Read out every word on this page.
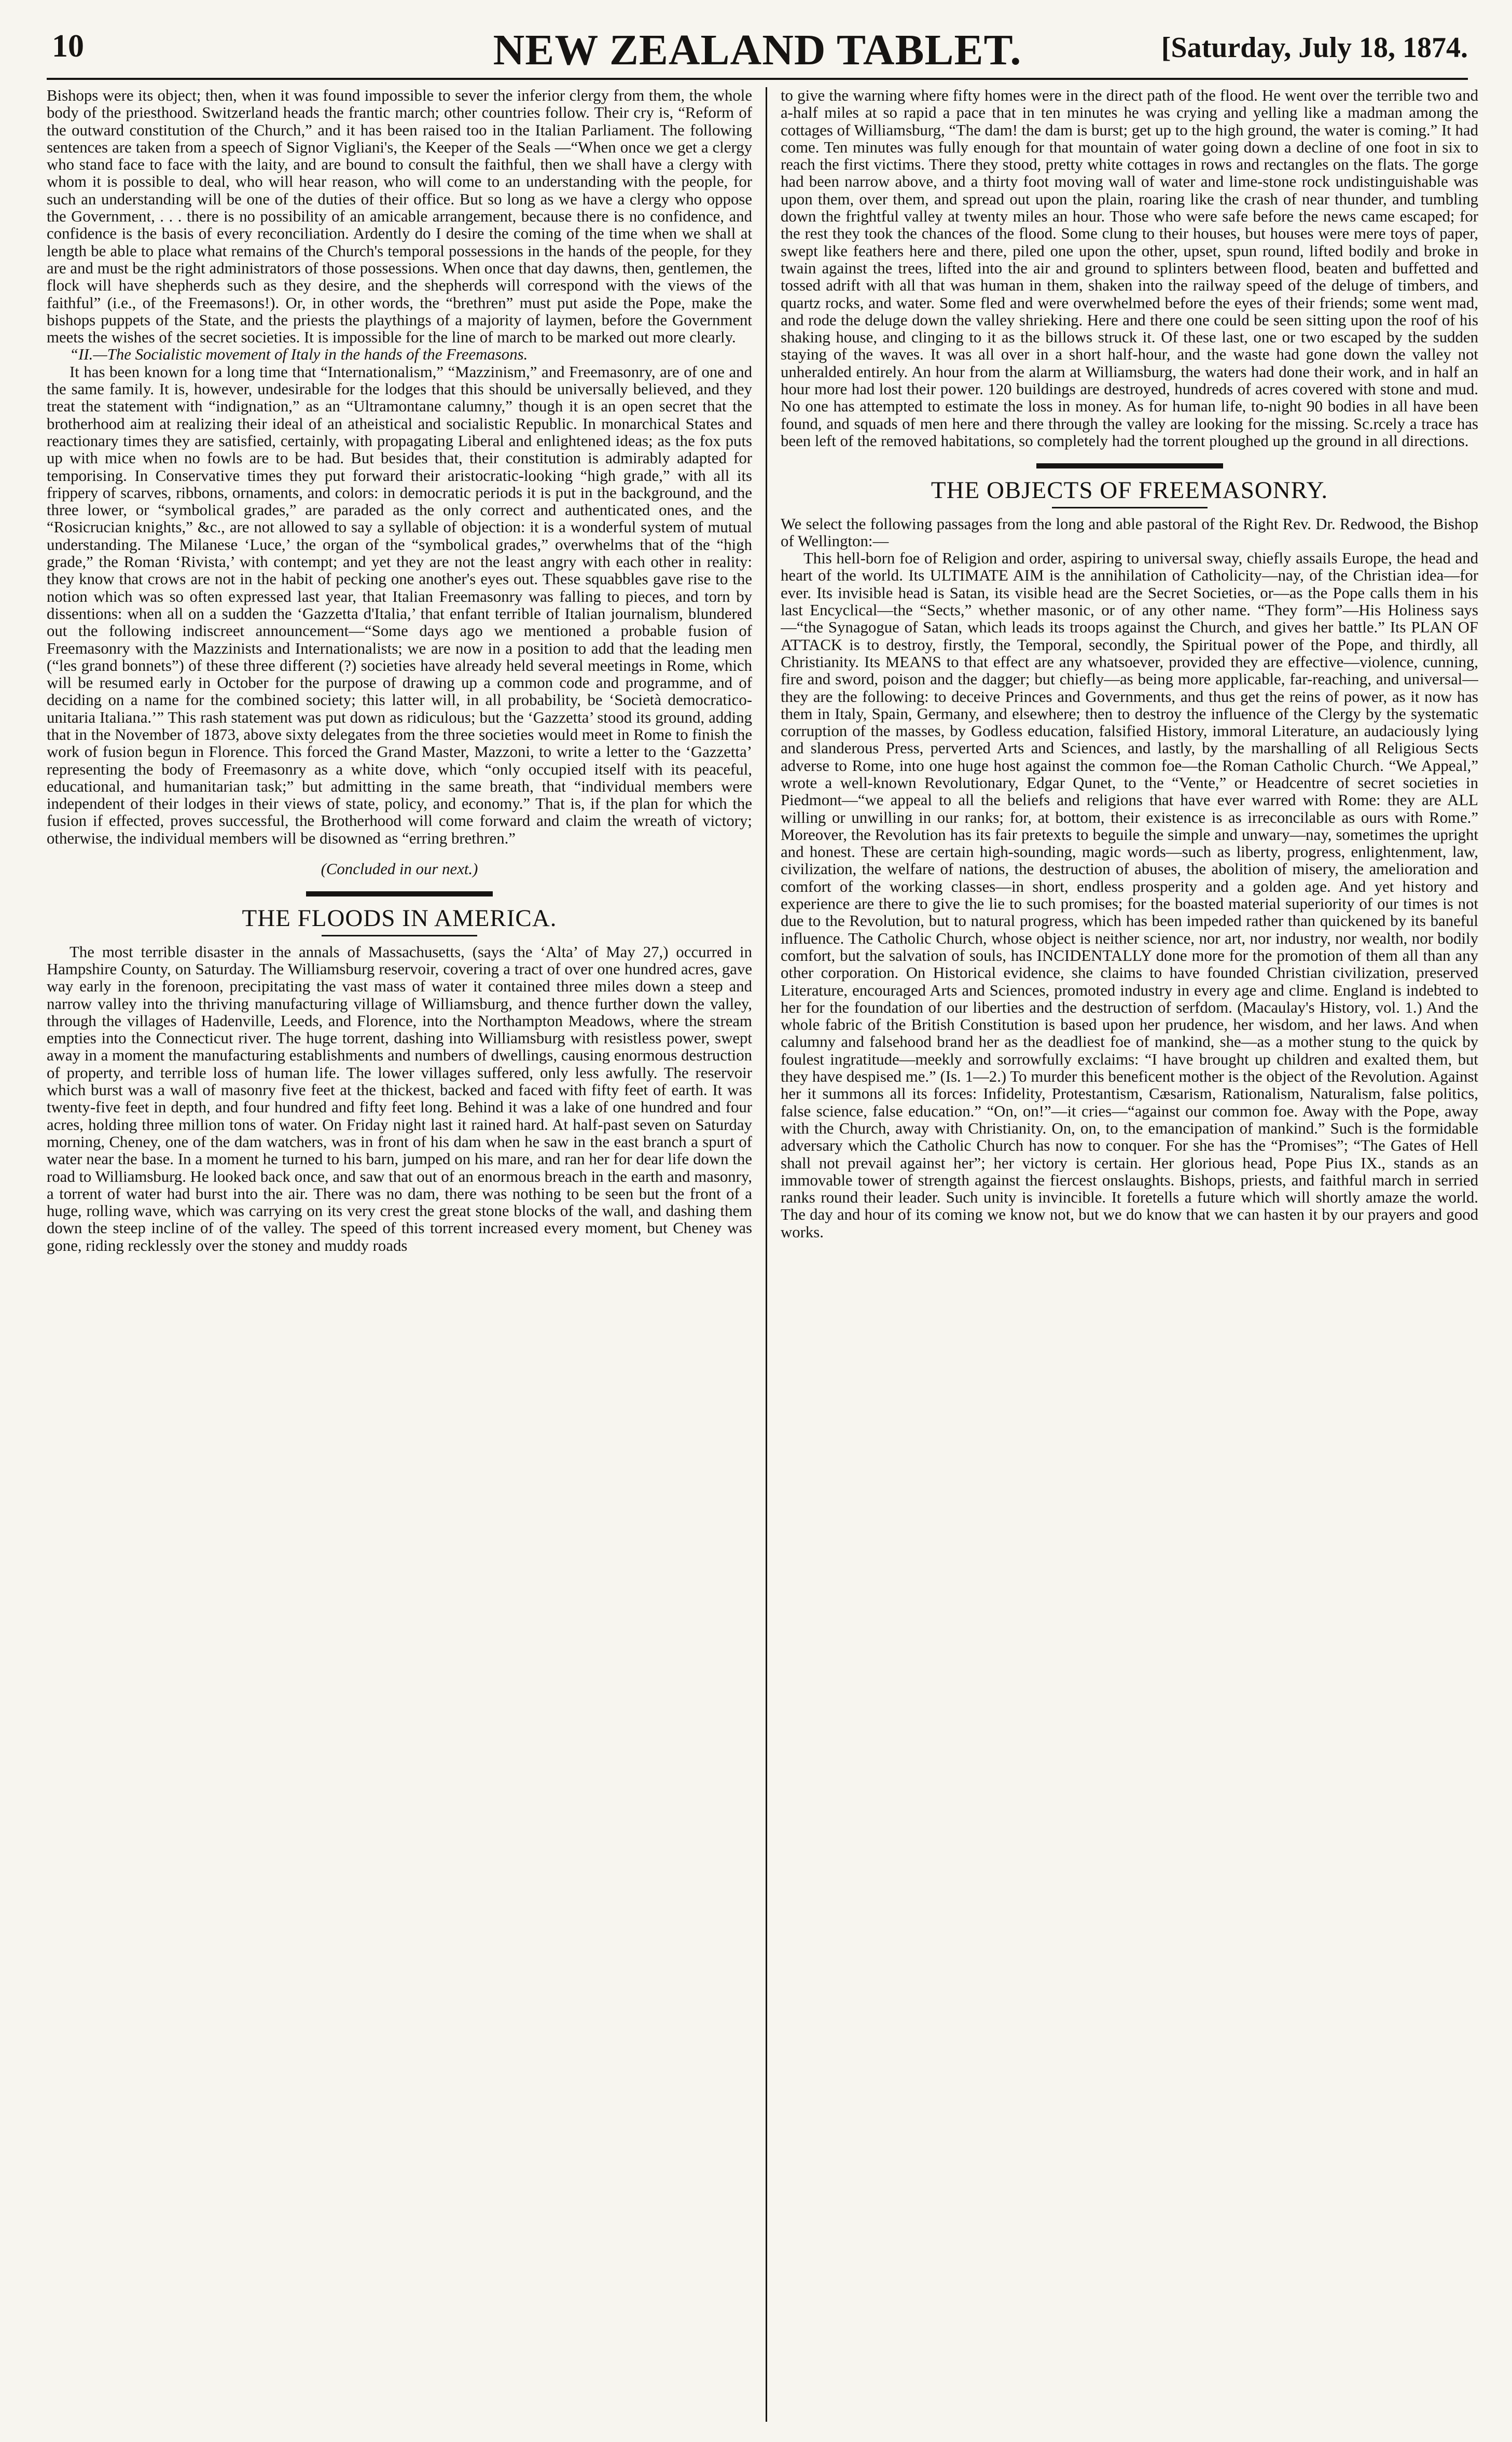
10	NEW ZEALAND TABLET.	[Saturday, July 18, 1874.

Bishops were its object; then, when it was found impossible to sever the inferior clergy from them, the whole body of the priesthood. Switzerland heads the frantic march; other countries follow. Their cry is, “Reform of the outward constitution of the Church,” and it has been raised too in the Italian Parliament. The following sentences are taken from a speech of Signor Vigliani's, the Keeper of the Seals —“When once we get a clergy who stand face to face with the laity, and are bound to consult the faithful, then we shall have a clergy with whom it is possible to deal, who will hear reason, who will come to an understanding with the people, for such an understanding will be one of the duties of their office. But so long as we have a clergy who oppose the Government, . . . there is no possibility of an amicable arrangement, because there is no confidence, and confidence is the basis of every reconciliation. Ardently do I desire the coming of the time when we shall at length be able to place what remains of the Church's temporal possessions in the hands of the people, for they are and must be the right administrators of those possessions. When once that day dawns, then, gentlemen, the flock will have shepherds such as they desire, and the shepherds will correspond with the views of the faithful” (i.e., of the Freemasons!). Or, in other words, the “brethren” must put aside the Pope, make the bishops puppets of the State, and the priests the playthings of a majority of laymen, before the Government meets the wishes of the secret societies. It is impossible for the line of march to be marked out more clearly.

“II.—The Socialistic movement of Italy in the hands of the Freemasons.

It has been known for a long time that “Internationalism,” “Mazzinism,” and Freemasonry, are of one and the same family. It is, however, undesirable for the lodges that this should be universally believed, and they treat the statement with “indignation,” as an “Ultramontane calumny,” though it is an open secret that the brotherhood aim at realizing their ideal of an atheistical and socialistic Republic. In monarchical States and reactionary times they are satisfied, certainly, with propagating Liberal and enlightened ideas; as the fox puts up with mice when no fowls are to be had. But besides that, their constitution is admirably adapted for temporising. In Conservative times they put forward their aristocratic-looking “high grade,” with all its frippery of scarves, ribbons, ornaments, and colors: in democratic periods it is put in the background, and the three lower, or “symbolical grades,” are paraded as the only correct and authenticated ones, and the “Rosicrucian knights,” &c., are not allowed to say a syllable of objection: it is a wonderful system of mutual understanding. The Milanese ‘Luce,’ the organ of the “symbolical grades,” overwhelms that of the “high grade,” the Roman ‘Rivista,’ with contempt; and yet they are not the least angry with each other in reality: they know that crows are not in the habit of pecking one another's eyes out. These squabbles gave rise to the notion which was so often expressed last year, that Italian Freemasonry was falling to pieces, and torn by dissentions: when all on a sudden the ‘Gazzetta d'Italia,’ that enfant terrible of Italian journalism, blundered out the following indiscreet announcement—“Some days ago we mentioned a probable fusion of Freemasonry with the Mazzinists and Internationalists; we are now in a position to add that the leading men (“les grand bonnets”) of these three different (?) societies have already held several meetings in Rome, which will be resumed early in October for the purpose of drawing up a common code and programme, and of deciding on a name for the combined society; this latter will, in all probability, be ‘Società democratico-unitaria Italiana.’” This rash statement was put down as ridiculous; but the ‘Gazzetta’ stood its ground, adding that in the November of 1873, above sixty delegates from the three societies would meet in Rome to finish the work of fusion begun in Florence. This forced the Grand Master, Mazzoni, to write a letter to the ‘Gazzetta’ representing the body of Freemasonry as a white dove, which “only occupied itself with its peaceful, educational, and humanitarian task;” but admitting in the same breath, that “individual members were independent of their lodges in their views of state, policy, and economy.” That is, if the plan for which the fusion if effected, proves successful, the Brotherhood will come forward and claim the wreath of victory; otherwise, the individual members will be disowned as “erring brethren.”

(Concluded in our next.)
THE FLOODS IN AMERICA.

The most terrible disaster in the annals of Massachusetts, (says the ‘Alta’ of May 27,) occurred in Hampshire County, on Saturday. The Williamsburg reservoir, covering a tract of over one hundred acres, gave way early in the forenoon, precipitating the vast mass of water it contained three miles down a steep and narrow valley into the thriving manufacturing village of Williamsburg, and thence further down the valley, through the villages of Hadenville, Leeds, and Florence, into the Northampton Meadows, where the stream empties into the Connecticut river. The huge torrent, dashing into Williamsburg with resistless power, swept away in a moment the manufacturing establishments and numbers of dwellings, causing enormous destruction of property, and terrible loss of human life. The lower villages suffered, only less awfully. The reservoir which burst was a wall of masonry five feet at the thickest, backed and faced with fifty feet of earth. It was twenty-five feet in depth, and four hundred and fifty feet long. Behind it was a lake of one hundred and four acres, holding three million tons of water. On Friday night last it rained hard. At half-past seven on Saturday morning, Cheney, one of the dam watchers, was in front of his dam when he saw in the east branch a spurt of water near the base. In a moment he turned to his barn, jumped on his mare, and ran her for dear life down the road to Williamsburg. He looked back once, and saw that out of an enormous breach in the earth and masonry, a torrent of water had burst into the air. There was no dam, there was nothing to be seen but the front of a huge, rolling wave, which was carrying on its very crest the great stone blocks of the wall, and dashing them down the steep incline of of the valley. The speed of this torrent increased every moment, but Cheney was gone, riding recklessly over the stoney and muddy roads

to give the warning where fifty homes were in the direct path of the flood. He went over the terrible two and a-half miles at so rapid a pace that in ten minutes he was crying and yelling like a madman among the cottages of Williamsburg, “The dam! the dam is burst; get up to the high ground, the water is coming.” It had come. Ten minutes was fully enough for that mountain of water going down a decline of one foot in six to reach the first victims. There they stood, pretty white cottages in rows and rectangles on the flats. The gorge had been narrow above, and a thirty foot moving wall of water and lime-stone rock undistinguishable was upon them, over them, and spread out upon the plain, roaring like the crash of near thunder, and tumbling down the frightful valley at twenty miles an hour. Those who were safe before the news came escaped; for the rest they took the chances of the flood. Some clung to their houses, but houses were mere toys of paper, swept like feathers here and there, piled one upon the other, upset, spun round, lifted bodily and broke in twain against the trees, lifted into the air and ground to splinters between flood, beaten and buffetted and tossed adrift with all that was human in them, shaken into the railway speed of the deluge of timbers, and quartz rocks, and water. Some fled and were overwhelmed before the eyes of their friends; some went mad, and rode the deluge down the valley shrieking. Here and there one could be seen sitting upon the roof of his shaking house, and clinging to it as the billows struck it. Of these last, one or two escaped by the sudden staying of the waves. It was all over in a short half-hour, and the waste had gone down the valley not unheralded entirely. An hour from the alarm at Williamsburg, the waters had done their work, and in half an hour more had lost their power. 120 buildings are destroyed, hundreds of acres covered with stone and mud. No one has attempted to estimate the loss in money. As for human life, to-night 90 bodies in all have been found, and squads of men here and there through the valley are looking for the missing. Sc.rcely a trace has been left of the removed habitations, so completely had the torrent ploughed up the ground in all directions.

THE OBJECTS OF FREEMASONRY.

We select the following passages from the long and able pastoral of the Right Rev. Dr. Redwood, the Bishop of Wellington:—

This hell-born foe of Religion and order, aspiring to universal sway, chiefly assails Europe, the head and heart of the world. Its ULTIMATE AIM is the annihilation of Catholicity—nay, of the Christian idea—for ever. Its invisible head is Satan, its visible head are the Secret Societies, or—as the Pope calls them in his last Encyclical—the “Sects,” whether masonic, or of any other name. “They form”—His Holiness says—“the Synagogue of Satan, which leads its troops against the Church, and gives her battle.” Its PLAN OF ATTACK is to destroy, firstly, the Temporal, secondly, the Spiritual power of the Pope, and thirdly, all Christianity. Its MEANS to that effect are any whatsoever, provided they are effective—violence, cunning, fire and sword, poison and the dagger; but chiefly—as being more applicable, far-reaching, and universal—they are the following: to deceive Princes and Governments, and thus get the reins of power, as it now has them in Italy, Spain, Germany, and elsewhere; then to destroy the influence of the Clergy by the systematic corruption of the masses, by Godless education, falsified History, immoral Literature, an audaciously lying and slanderous Press, perverted Arts and Sciences, and lastly, by the marshalling of all Religious Sects adverse to Rome, into one huge host against the common foe—the Roman Catholic Church. “We Appeal,” wrote a well-known Revolutionary, Edgar Qunet, to the “Vente,” or Headcentre of secret societies in Piedmont—“we appeal to all the beliefs and religions that have ever warred with Rome: they are ALL willing or unwilling in our ranks; for, at bottom, their existence is as irreconcilable as ours with Rome.” Moreover, the Revolution has its fair pretexts to beguile the simple and unwary—nay, sometimes the upright and honest. These are certain high-sounding, magic words—such as liberty, progress, enlightenment, law, civilization, the welfare of nations, the destruction of abuses, the abolition of misery, the amelioration and comfort of the working classes—in short, endless prosperity and a golden age. And yet history and experience are there to give the lie to such promises; for the boasted material superiority of our times is not due to the Revolution, but to natural progress, which has been impeded rather than quickened by its baneful influence. The Catholic Church, whose object is neither science, nor art, nor industry, nor wealth, nor bodily comfort, but the salvation of souls, has INCIDENTALLY done more for the promotion of them all than any other corporation. On Historical evidence, she claims to have founded Christian civilization, preserved Literature, encouraged Arts and Sciences, promoted industry in every age and clime. England is indebted to her for the foundation of our liberties and the destruction of serfdom. (Macaulay's History, vol. 1.) And the whole fabric of the British Constitution is based upon her prudence, her wisdom, and her laws. And when calumny and falsehood brand her as the deadliest foe of mankind, she—as a mother stung to the quick by foulest ingratitude—meekly and sorrowfully exclaims: “I have brought up children and exalted them, but they have despised me.” (Is. 1—2.) To murder this beneficent mother is the object of the Revolution. Against her it summons all its forces: Infidelity, Protestantism, Cæsarism, Rationalism, Naturalism, false politics, false science, false education.” “On, on!”—it cries—“against our common foe. Away with the Pope, away with the Church, away with Christianity. On, on, to the emancipation of mankind.” Such is the formidable adversary which the Catholic Church has now to conquer. For she has the “Promises”; “The Gates of Hell shall not prevail against her”; her victory is certain. Her glorious head, Pope Pius IX., stands as an immovable tower of strength against the fiercest onslaughts. Bishops, priests, and faithful march in serried ranks round their leader. Such unity is invincible. It foretells a future which will shortly amaze the world. The day and hour of its coming we know not, but we do know that we can hasten it by our prayers and good works.
